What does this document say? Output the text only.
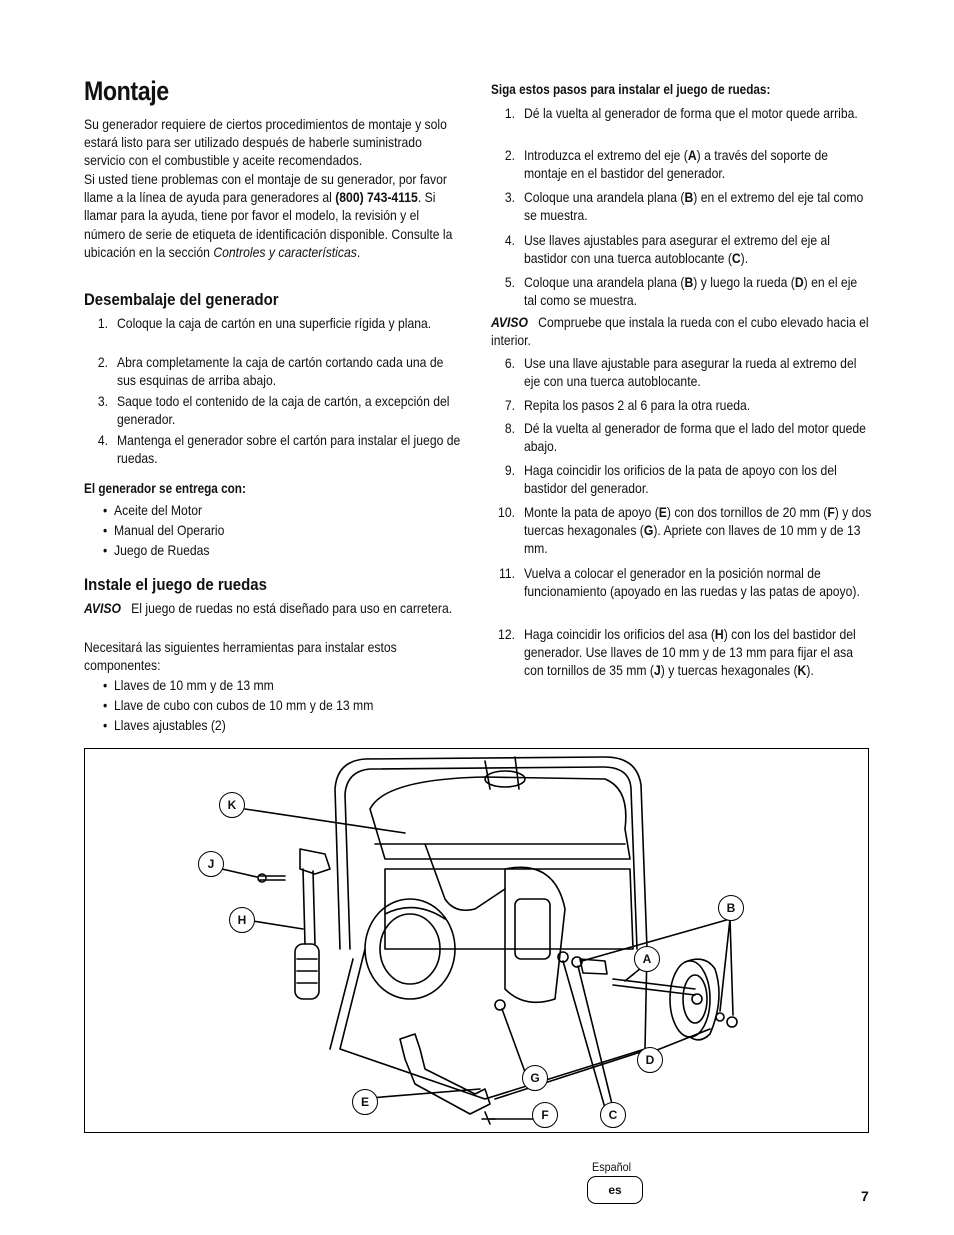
Montaje
Su generador requiere de ciertos procedimientos de montaje y solo estará listo para ser utilizado después de haberle suministrado servicio con el combustible y aceite recomendados.
Si usted tiene problemas con el montaje de su generador, por favor llame a la línea de ayuda para generadores al (800) 743-4115. Si llamar para la ayuda, tiene por favor el modelo, la revisión y el número de serie de etiqueta de identificación disponible. Consulte la ubicación en la sección Controles y características.
Desembalaje del generador
1. Coloque la caja de cartón en una superficie rígida y plana.
2. Abra completamente la caja de cartón cortando cada una de sus esquinas de arriba abajo.
3. Saque todo el contenido de la caja de cartón, a excepción del generador.
4. Mantenga el generador sobre el cartón para instalar el juego de ruedas.
El generador se entrega con:
•  Aceite del Motor
•  Manual del Operario
•  Juego de Ruedas
Instale el juego de ruedas
AVISO El juego de ruedas no está diseñado para uso en carretera.
Necesitará las siguientes herramientas para instalar estos componentes:
•  Llaves de 10 mm y de 13 mm
•  Llave de cubo con cubos de 10 mm y de 13 mm
•  Llaves ajustables (2)
Siga estos pasos para instalar el juego de ruedas:
1. Dé la vuelta al generador de forma que el motor quede arriba.
2. Introduzca el extremo del eje (A) a través del soporte de montaje en el bastidor del generador.
3. Coloque una arandela plana (B) en el extremo del eje tal como se muestra.
4. Use llaves ajustables para asegurar el extremo del eje al bastidor con una tuerca autoblocante (C).
5. Coloque una arandela plana (B) y luego la rueda (D) en el eje tal como se muestra.
AVISO Compruebe que instala la rueda con el cubo elevado hacia el interior.
6. Use una llave ajustable para asegurar la rueda al extremo del eje con una tuerca autoblocante.
7. Repita los pasos 2 al 6 para la otra rueda.
8. Dé la vuelta al generador de forma que el lado del motor quede abajo.
9. Haga coincidir los orificios de la pata de apoyo con los del bastidor del generador.
10. Monte la pata de apoyo (E) con dos tornillos de 20 mm (F) y dos tuercas hexagonales (G). Apriete con llaves de 10 mm y de 13 mm.
11. Vuelva a colocar el generador en la posición normal de funcionamiento (apoyado en las ruedas y las patas de apoyo).
12. Haga coincidir los orificios del asa (H) con los del bastidor del generador. Use llaves de 10 mm y de 13 mm para fijar el asa con tornillos de 35 mm (J) y tuercas hexagonales (K).
K
J
H
B
A
D
G
E
F	C
Español
es	7
